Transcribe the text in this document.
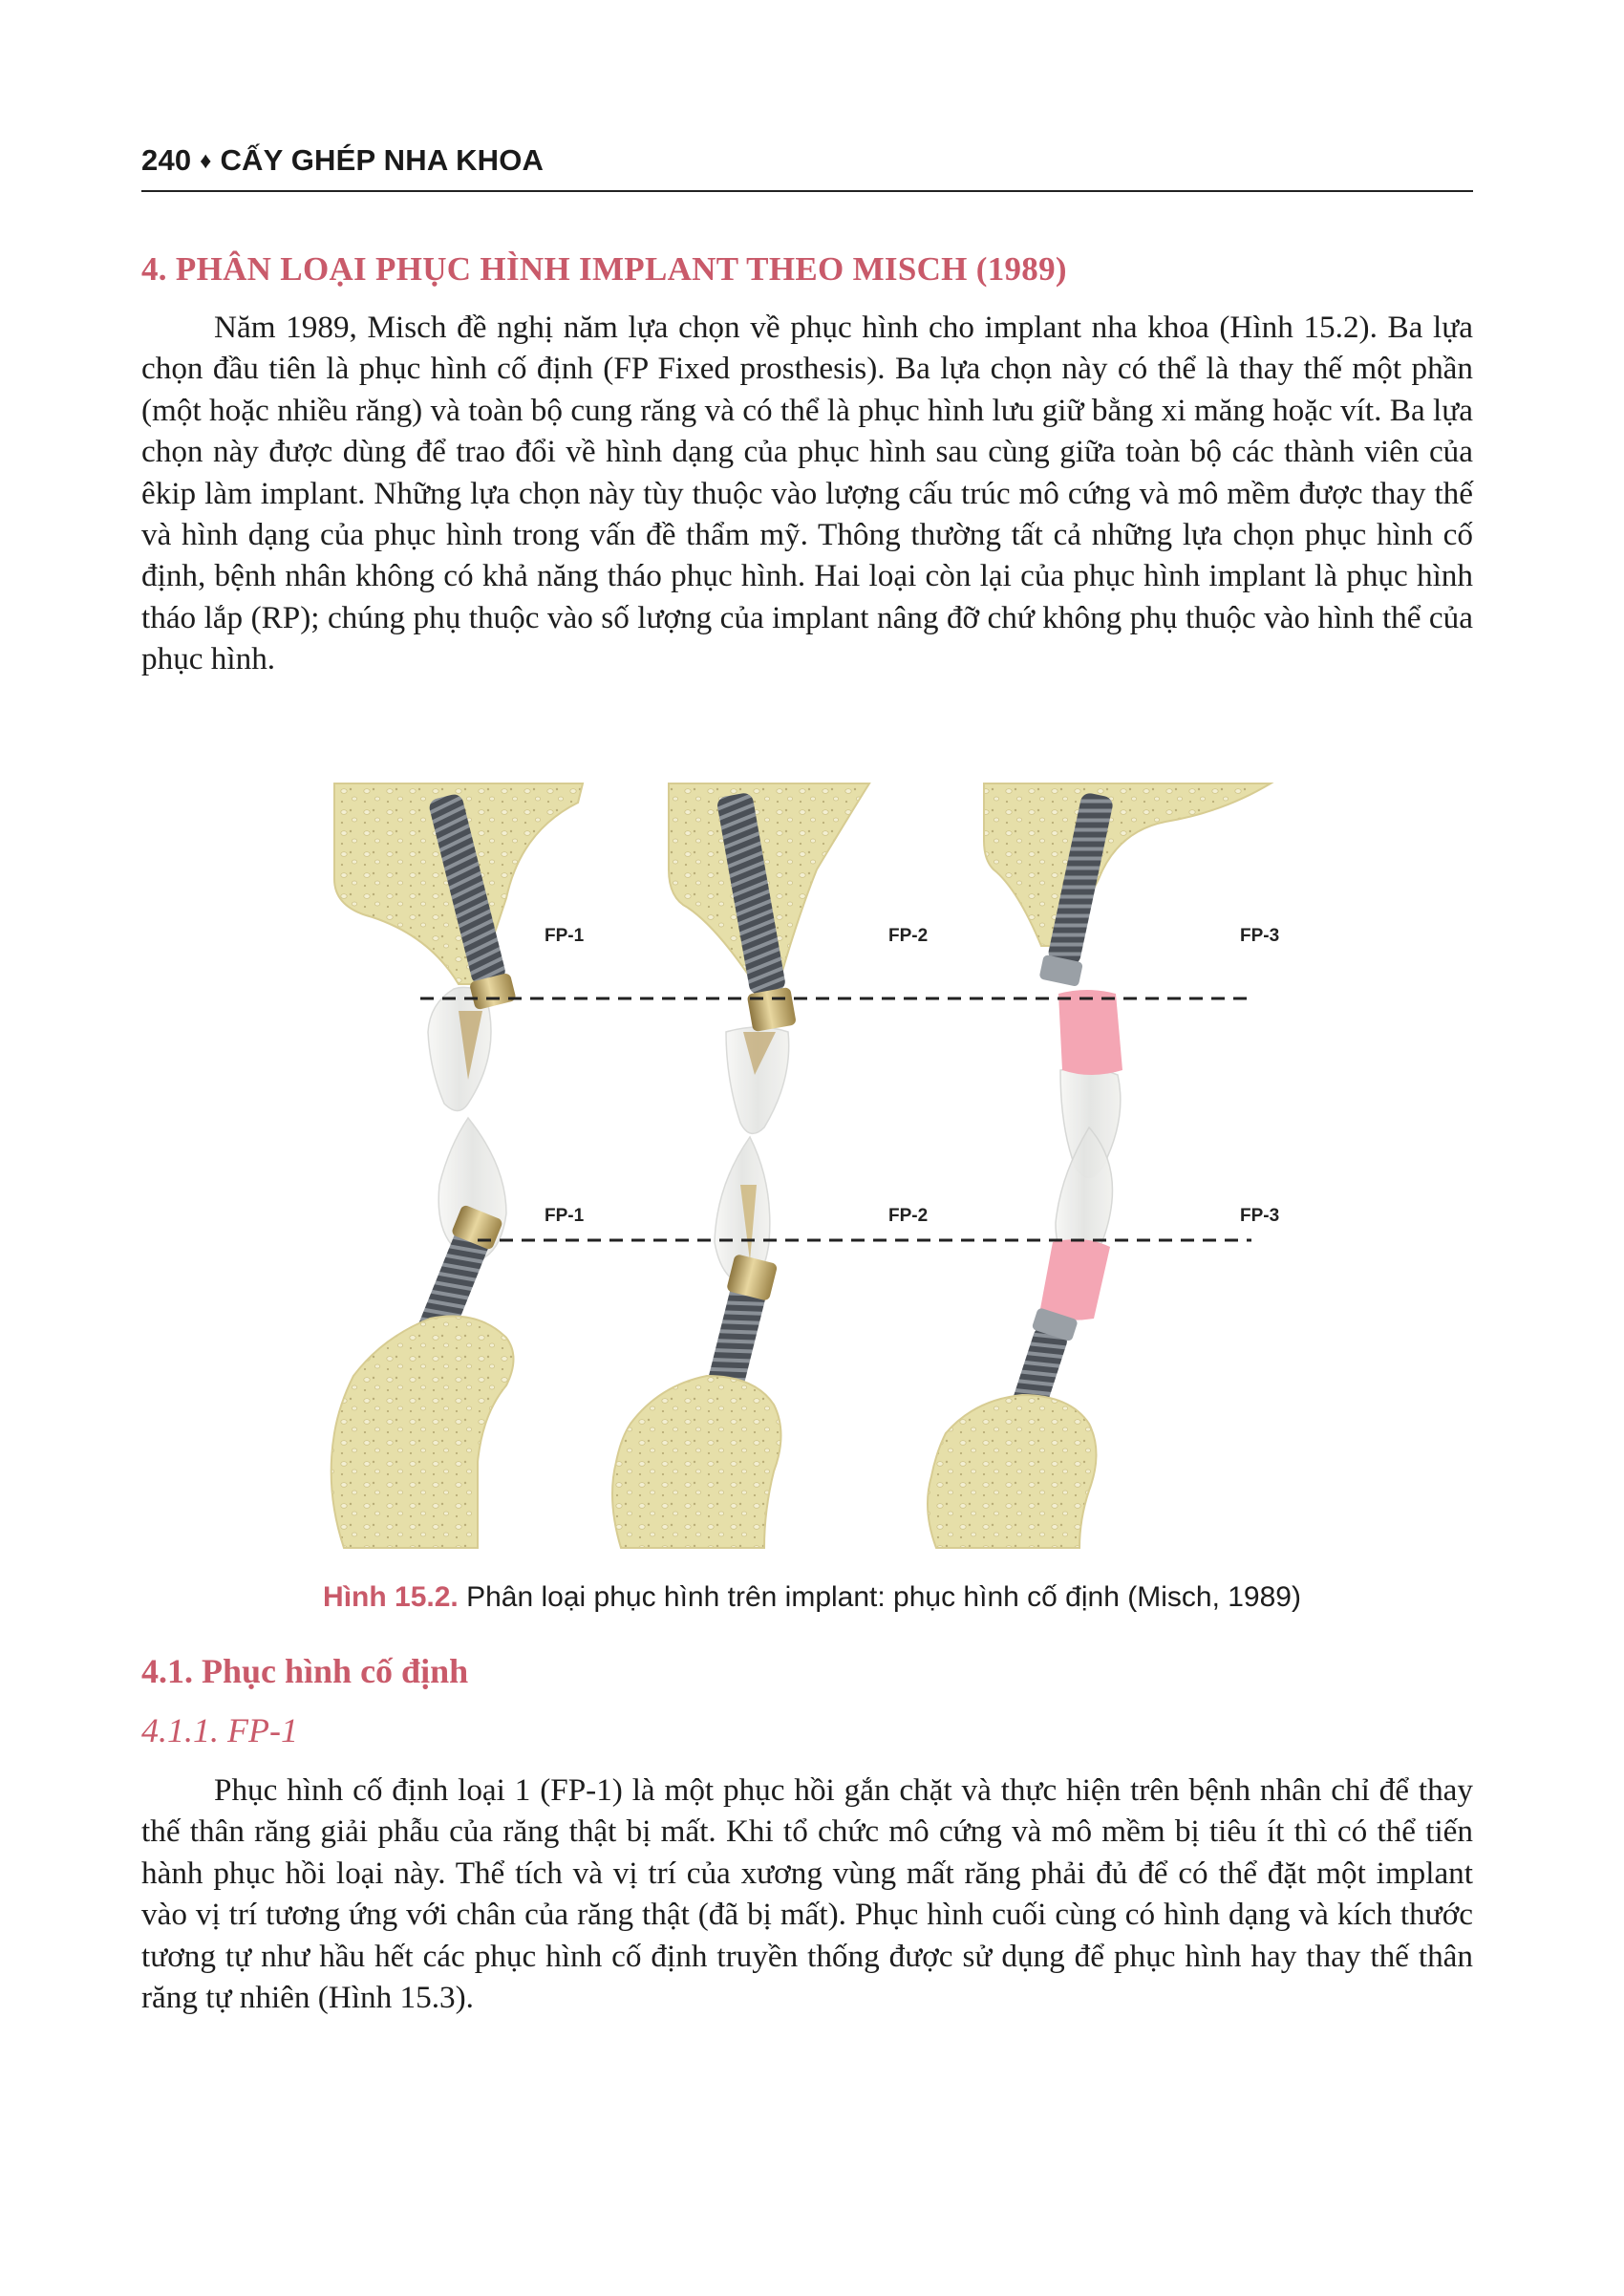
240 ♦ CẤY GHÉP NHA KHOA
4. PHÂN LOẠI PHỤC HÌNH IMPLANT THEO MISCH (1989)

Năm 1989, Misch đề nghị năm lựa chọn về phục hình cho implant nha khoa (Hình 15.2). Ba lựa chọn đầu tiên là phục hình cố định (FP Fixed prosthesis). Ba lựa chọn này có thể là thay thế một phần (một hoặc nhiều răng) và toàn bộ cung răng và có thể là phục hình lưu giữ bằng xi măng hoặc vít. Ba lựa chọn này được dùng để trao đổi về hình dạng của phục hình sau cùng giữa toàn bộ các thành viên của êkip làm implant. Những lựa chọn này tùy thuộc vào lượng cấu trúc mô cứng và mô mềm được thay thế và hình dạng của phục hình trong vấn đề thẩm mỹ. Thông thường tất cả những lựa chọn phục hình cố định, bệnh nhân không có khả năng tháo phục hình. Hai loại còn lại của phục hình implant là phục hình tháo lắp (RP); chúng phụ thuộc vào số lượng của implant nâng đỡ chứ không phụ thuộc vào hình thể của phục hình.

FP-1	FP-2	FP-3
FP-1	FP-2	FP-3
Hình 15.2. Phân loại phục hình trên implant: phục hình cố định (Misch, 1989)
4.1. Phục hình cố định
4.1.1. FP-1

Phục hình cố định loại 1 (FP-1) là một phục hồi gắn chặt và thực hiện trên bệnh nhân chỉ để thay thế thân răng giải phẫu của răng thật bị mất. Khi tổ chức mô cứng và mô mềm bị tiêu ít thì có thể tiến hành phục hồi loại này. Thể tích và vị trí của xương vùng mất răng phải đủ để có thể đặt một implant vào vị trí tương ứng với chân của răng thật (đã bị mất). Phục hình cuối cùng có hình dạng và kích thước tương tự như hầu hết các phục hình cố định truyền thống được sử dụng để phục hình hay thay thế thân răng tự nhiên (Hình 15.3).
